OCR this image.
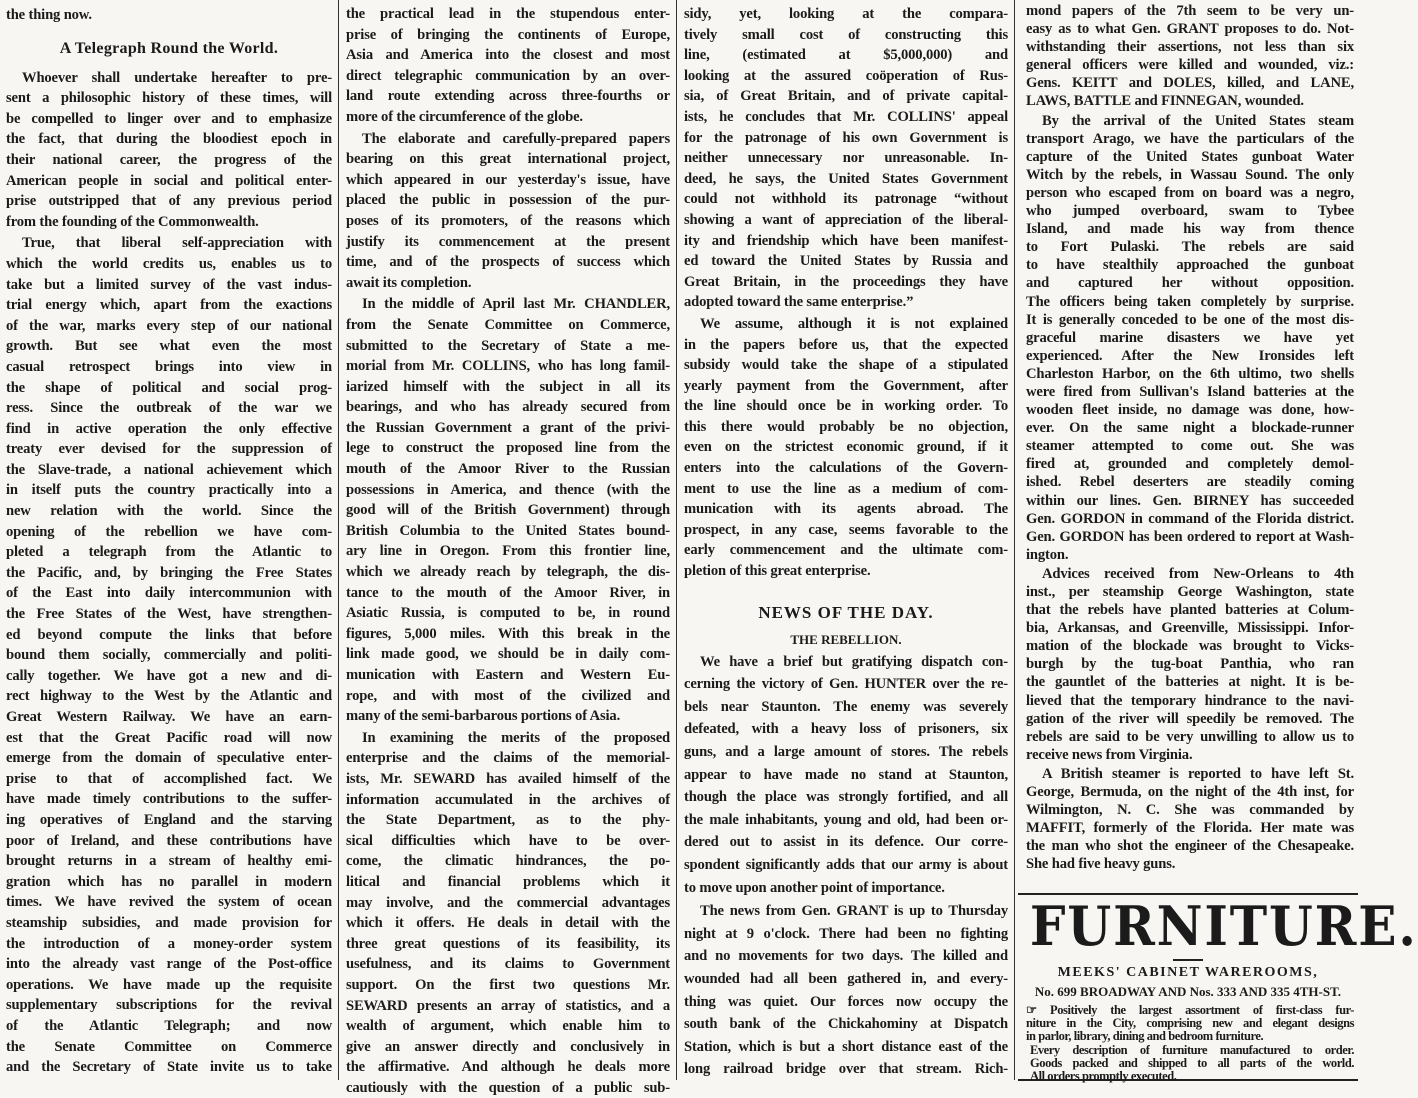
the thing now.
A Telegraph Round the World.
Whoever shall undertake hereafter to pre-
sent a philosophic history of these times, will
be compelled to linger over and to emphasize
the fact, that during the bloodiest epoch in
their national career, the progress of the
American people in social and political enter-
prise outstripped that of any previous period
from the founding of the Commonwealth.
True, that liberal self-appreciation with
which the world credits us, enables us to
take but a limited survey of the vast indus-
trial energy which, apart from the exactions
of the war, marks every step of our national
growth. But see what even the most
casual retrospect brings into view in
the shape of political and social prog-
ress. Since the outbreak of the war we
find in active operation the only effective
treaty ever devised for the suppression of
the Slave-trade, a national achievement which
in itself puts the country practically into a
new relation with the world. Since the
opening of the rebellion we have com-
pleted a telegraph from the Atlantic to
the Pacific, and, by bringing the Free States
of the East into daily intercommunion with
the Free States of the West, have strengthen-
ed beyond compute the links that before
bound them socially, commercially and politi-
cally together. We have got a new and di-
rect highway to the West by the Atlantic and
Great Western Railway. We have an earn-
est that the Great Pacific road will now
emerge from the domain of speculative enter-
prise to that of accomplished fact. We
have made timely contributions to the suffer-
ing operatives of England and the starving
poor of Ireland, and these contributions have
brought returns in a stream of healthy emi-
gration which has no parallel in modern
times. We have revived the system of ocean
steamship subsidies, and made provision for
the introduction of a money-order system
into the already vast range of the Post-office
operations. We have made up the requisite
supplementary subscriptions for the revival
of the Atlantic Telegraph; and now
the Senate Committee on Commerce
and the Secretary of State invite us to take
the practical lead in the stupendous enter-
prise of bringing the continents of Europe,
Asia and America into the closest and most
direct telegraphic communication by an over-
land route extending across three-fourths or
more of the circumference of the globe.
The elaborate and carefully-prepared papers
bearing on this great international project,
which appeared in our yesterday's issue, have
placed the public in possession of the pur-
poses of its promoters, of the reasons which
justify its commencement at the present
time, and of the prospects of success which
await its completion.
In the middle of April last Mr. CHANDLER,
from the Senate Committee on Commerce,
submitted to the Secretary of State a me-
morial from Mr. COLLINS, who has long famil-
iarized himself with the subject in all its
bearings, and who has already secured from
the Russian Government a grant of the privi-
lege to construct the proposed line from the
mouth of the Amoor River to the Russian
possessions in America, and thence (with the
good will of the British Government) through
British Columbia to the United States bound-
ary line in Oregon. From this frontier line,
which we already reach by telegraph, the dis-
tance to the mouth of the Amoor River, in
Asiatic Russia, is computed to be, in round
figures, 5,000 miles. With this break in the
link made good, we should be in daily com-
munication with Eastern and Western Eu-
rope, and with most of the civilized and
many of the semi-barbarous portions of Asia.
In examining the merits of the proposed
enterprise and the claims of the memorial-
ists, Mr. SEWARD has availed himself of the
information accumulated in the archives of
the State Department, as to the phy-
sical difficulties which have to be over-
come, the climatic hindrances, the po-
litical and financial problems which it
may involve, and the commercial advantages
which it offers. He deals in detail with the
three great questions of its feasibility, its
usefulness, and its claims to Government
support. On the first two questions Mr.
SEWARD presents an array of statistics, and a
wealth of argument, which enable him to
give an answer directly and conclusively in
the affirmative. And although he deals more
cautiously with the question of a public sub-
sidy, yet, looking at the compara-
tively small cost of constructing this
line, (estimated at $5,000,000) and
looking at the assured coöperation of Rus-
sia, of Great Britain, and of private capital-
ists, he concludes that Mr. COLLINS' appeal
for the patronage of his own Government is
neither unnecessary nor unreasonable. In-
deed, he says, the United States Government
could not withhold its patronage “without
showing a want of appreciation of the liberal-
ity and friendship which have been manifest-
ed toward the United States by Russia and
Great Britain, in the proceedings they have
adopted toward the same enterprise.”
We assume, although it is not explained
in the papers before us, that the expected
subsidy would take the shape of a stipulated
yearly payment from the Government, after
the line should once be in working order. To
this there would probably be no objection,
even on the strictest economic ground, if it
enters into the calculations of the Govern-
ment to use the line as a medium of com-
munication with its agents abroad. The
prospect, in any case, seems favorable to the
early commencement and the ultimate com-
pletion of this great enterprise.
NEWS OF THE DAY.
THE REBELLION.
We have a brief but gratifying dispatch con-
cerning the victory of Gen. HUNTER over the re-
bels near Staunton. The enemy was severely
defeated, with a heavy loss of prisoners, six
guns, and a large amount of stores. The rebels
appear to have made no stand at Staunton,
though the place was strongly fortified, and all
the male inhabitants, young and old, had been or-
dered out to assist in its defence. Our corre-
spondent significantly adds that our army is about
to move upon another point of importance.
The news from Gen. GRANT is up to Thursday
night at 9 o'clock. There had been no fighting
and no movements for two days. The killed and
wounded had all been gathered in, and every-
thing was quiet. Our forces now occupy the
south bank of the Chickahominy at Dispatch
Station, which is but a short distance east of the
long railroad bridge over that stream. Rich-
mond papers of the 7th seem to be very un-
easy as to what Gen. GRANT proposes to do. Not-
withstanding their assertions, not less than six
general officers were killed and wounded, viz.:
Gens. KEITT and DOLES, killed, and LANE,
LAWS, BATTLE and FINNEGAN, wounded.
By the arrival of the United States steam
transport Arago, we have the particulars of the
capture of the United States gunboat Water
Witch by the rebels, in Wassau Sound. The only
person who escaped from on board was a negro,
who jumped overboard, swam to Tybee
Island, and made his way from thence
to Fort Pulaski. The rebels are said
to have stealthily approached the gunboat
and captured her without opposition.
The officers being taken completely by surprise.
It is generally conceded to be one of the most dis-
graceful marine disasters we have yet
experienced. After the New Ironsides left
Charleston Harbor, on the 6th ultimo, two shells
were fired from Sullivan's Island batteries at the
wooden fleet inside, no damage was done, how-
ever. On the same night a blockade-runner
steamer attempted to come out. She was
fired at, grounded and completely demol-
ished. Rebel deserters are steadily coming
within our lines. Gen. BIRNEY has succeeded
Gen. GORDON in command of the Florida district.
Gen. GORDON has been ordered to report at Wash-
ington.
Advices received from New-Orleans to 4th
inst., per steamship George Washington, state
that the rebels have planted batteries at Colum-
bia, Arkansas, and Greenville, Mississippi. Infor-
mation of the blockade was brought to Vicks-
burgh by the tug-boat Panthia, who ran
the gauntlet of the batteries at night. It is be-
lieved that the temporary hindrance to the navi-
gation of the river will speedily be removed. The
rebels are said to be very unwilling to allow us to
receive news from Virginia.
A British steamer is reported to have left St.
George, Bermuda, on the night of the 4th inst, for
Wilmington, N. C. She was commanded by
MAFFIT, formerly of the Florida. Her mate was
the man who shot the engineer of the Chesapeake.
She had five heavy guns.
FURNITURE.
MEEKS' CABINET WAREROOMS,
No. 699 BROADWAY AND Nos. 333 AND 335 4TH-ST.
☞ Positively the largest assortment of first-class fur-
niture in the City, comprising new and elegant designs
in parlor, library, dining and bedroom furniture.
Every description of furniture manufactured to order.
Goods packed and shipped to all parts of the world.
All orders promptly executed.
